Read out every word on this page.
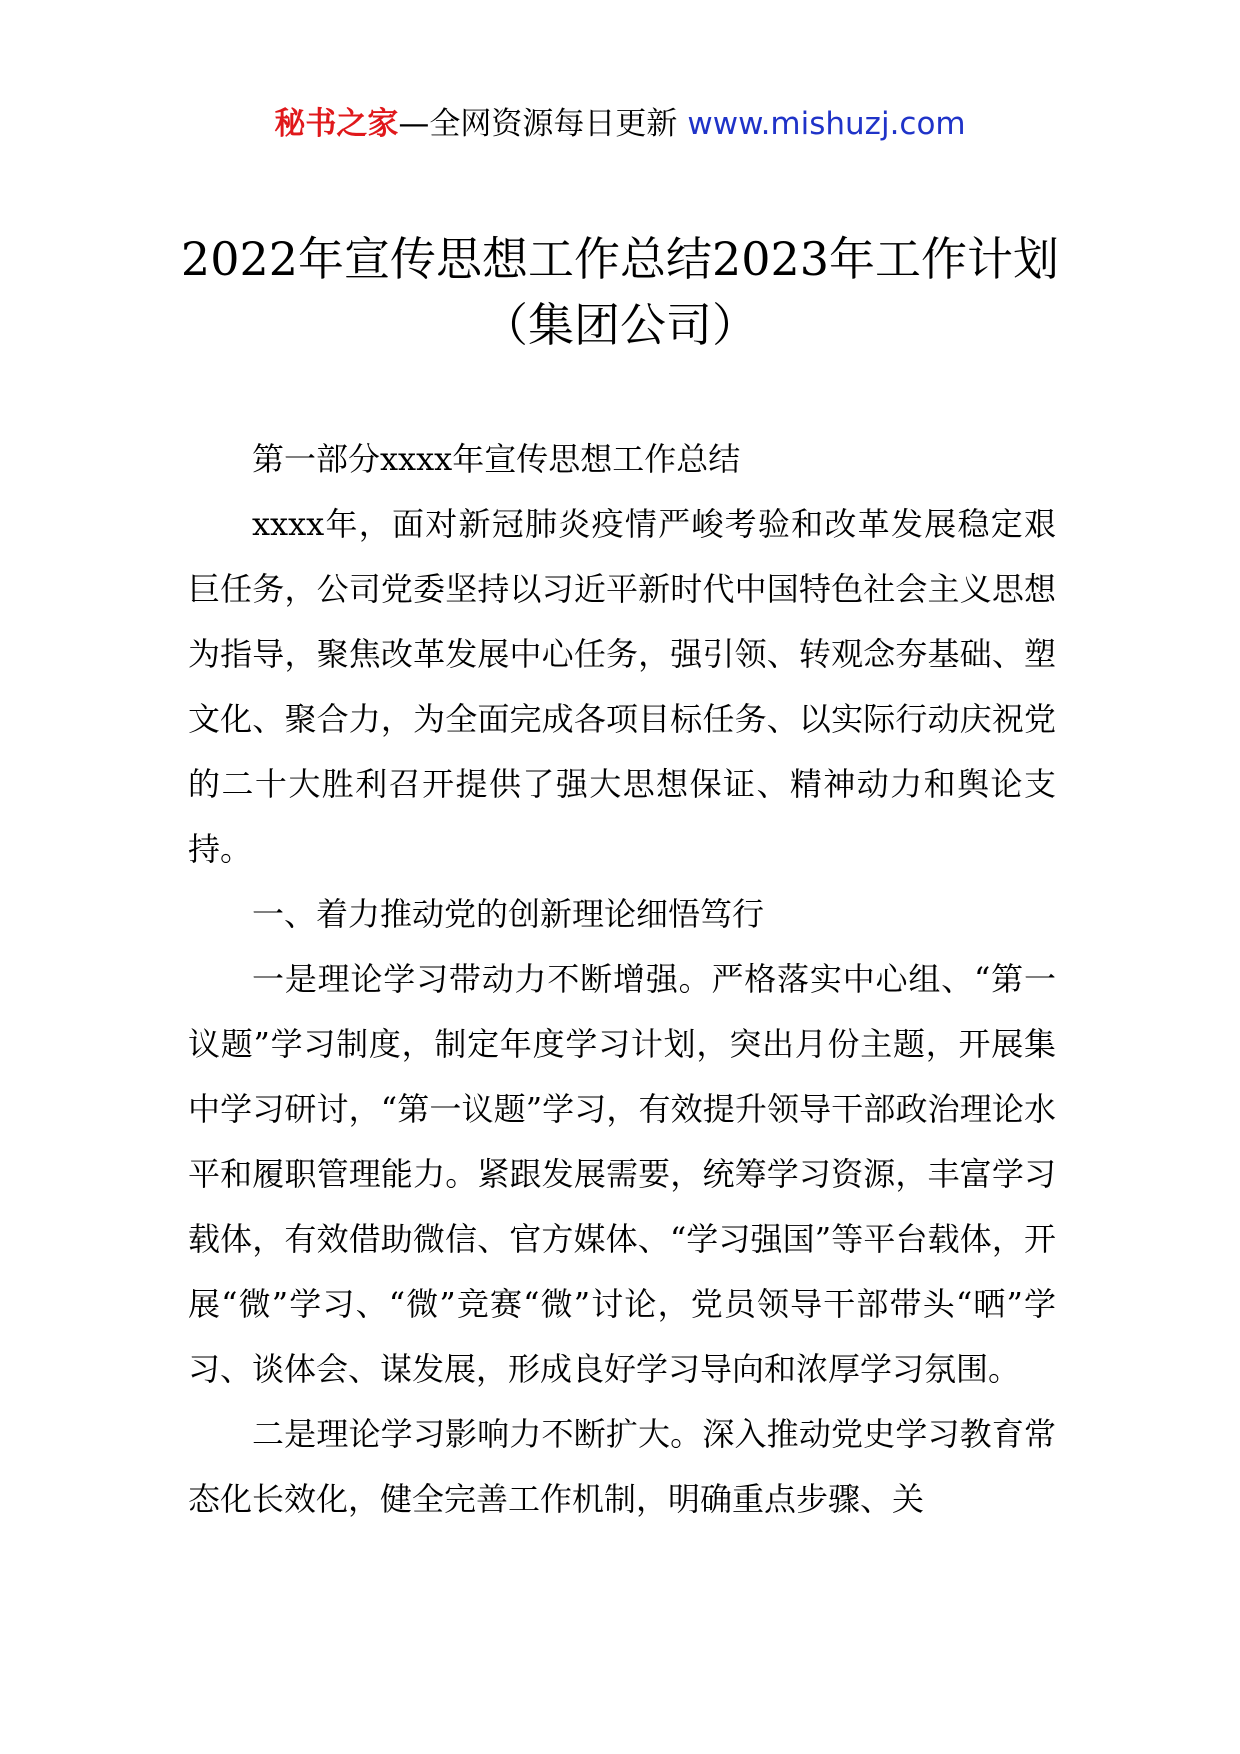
秘书之家—全网资源每日更新 www.mishuzj.com
2022年宣传思想工作总结2023年工作计划
（集团公司）

第一部分xxxx年宣传思想工作总结

xxxx年，面对新冠肺炎疫情严峻考验和改革发展稳定艰巨任务，公司党委坚持以习近平新时代中国特色社会主义思想为指导，聚焦改革发展中心任务，强引领、转观念夯基础、塑文化、聚合力，为全面完成各项目标任务、以实际行动庆祝党的二十大胜利召开提供了强大思想保证、精神动力和舆论支持。

一、着力推动党的创新理论细悟笃行

一是理论学习带动力不断增强。严格落实中心组、“第一议题”学习制度，制定年度学习计划，突出月份主题，开展集中学习研讨，“第一议题”学习，有效提升领导干部政治理论水平和履职管理能力。紧跟发展需要，统筹学习资源，丰富学习载体，有效借助微信、官方媒体、“学习强国”等平台载体，开展“微”学习、“微”竞赛“微”讨论，党员领导干部带头“晒”学习、谈体会、谋发展，形成良好学习导向和浓厚学习氛围。

二是理论学习影响力不断扩大。深入推动党史学习教育常态化长效化，健全完善工作机制，明确重点步骤、关
